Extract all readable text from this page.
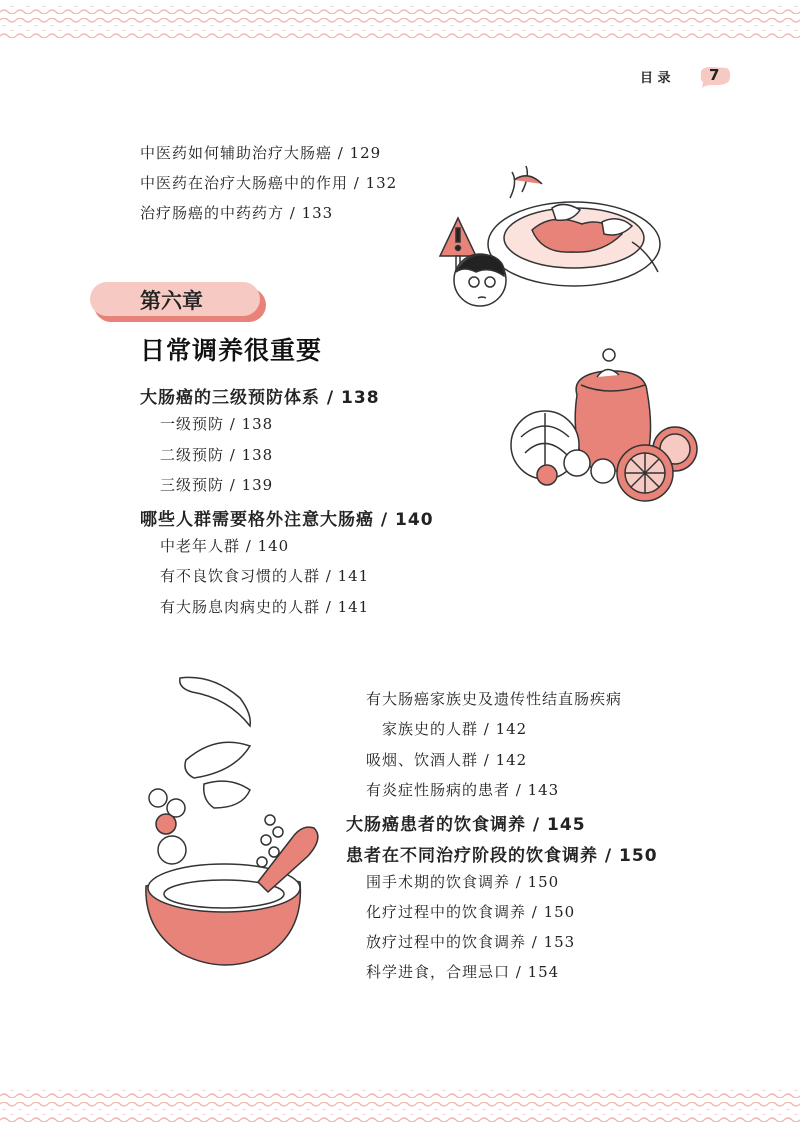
目 录	7
中医药如何辅助治疗大肠癌 / 129
中医药在治疗大肠癌中的作用 / 132
治疗肠癌的中药药方 / 133
第六章
日常调养很重要
大肠癌的三级预防体系 / 138
一级预防 / 138
二级预防 / 138
三级预防 / 139
哪些人群需要格外注意大肠癌 / 140
中老年人群 / 140
有不良饮食习惯的人群 / 141
有大肠息肉病史的人群 / 141
有大肠癌家族史及遗传性结直肠疾病
家族史的人群 / 142
吸烟、饮酒人群 / 142
有炎症性肠病的患者 / 143
大肠癌患者的饮食调养 / 145
患者在不同治疗阶段的饮食调养 / 150
围手术期的饮食调养 / 150
化疗过程中的饮食调养 / 150
放疗过程中的饮食调养 / 153
科学进食，合理忌口 / 154
